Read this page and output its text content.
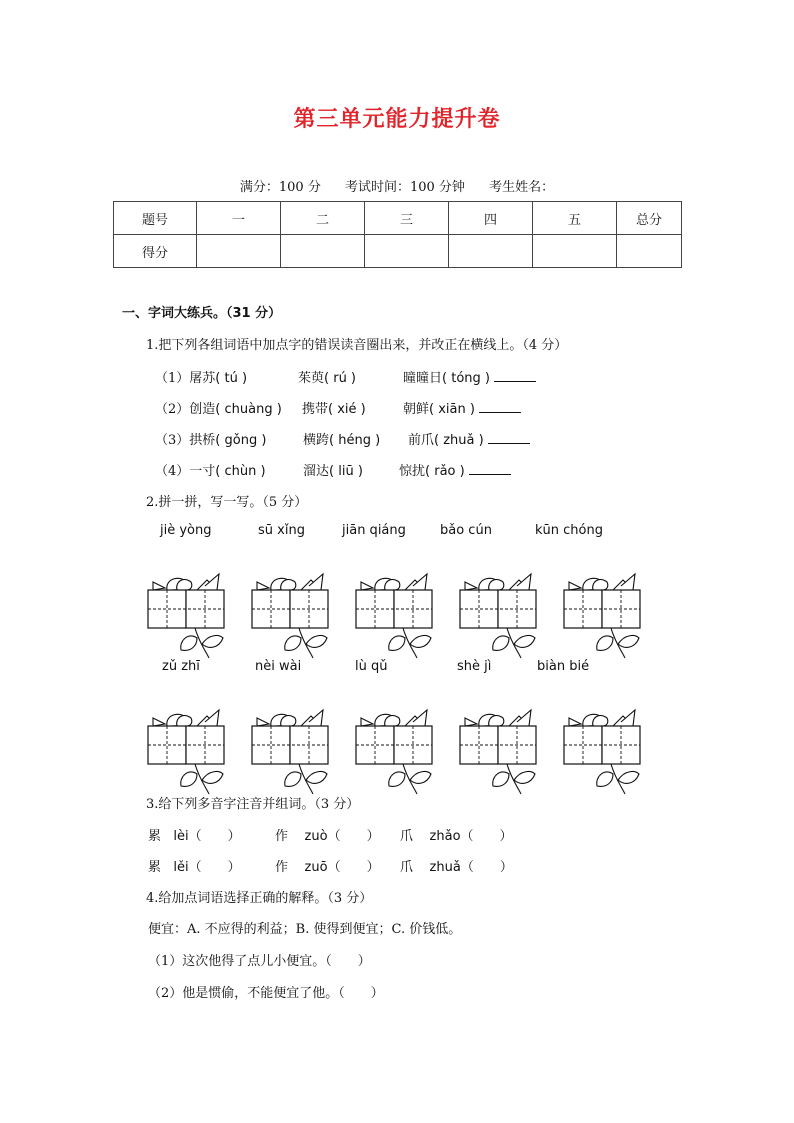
第三单元能力提升卷
满分：100 分 考试时间：100 分钟 考生姓名：
题号	一	二	三	四	五	总分
得分						
一、字词大练兵。（31 分）
1.把下列各组词语中加点字的错误读音圈出来，并改正在横线上。（4 分）
（1）屠苏( tú )	茱萸( rú )	曈曈日( tóng )
（2）创造( chuàng ) 携带( xié )	朝鲜( xiān )
（3）拱桥( gǒng )	横跨( héng ) 前爪( zhuǎ )
（4）一寸( chùn )	溜达( liū )	惊扰( rǎo )
2.拼一拼，写一写。（5 分）
jiè yòng	sū xǐng	jiān qiáng	bǎo cún	kūn chóng
zǔ zhī	nèi wài	lù qǔ	shè jì	biàn bié
3.给下列多音字注音并组词。（3 分）
累 lèi（　　）	作 zuò（　　） 爪 zhǎo（　　）
累 lěi（　　）	作 zuō（　　） 爪 zhuǎ（　　）
4.给加点词语选择正确的解释。（3 分）
便宜：A. 不应得的利益；B. 使得到便宜；C. 价钱低。
（1）这次他得了点儿小便宜。（　　）
（2）他是惯偷，不能便宜了他。（　　）
